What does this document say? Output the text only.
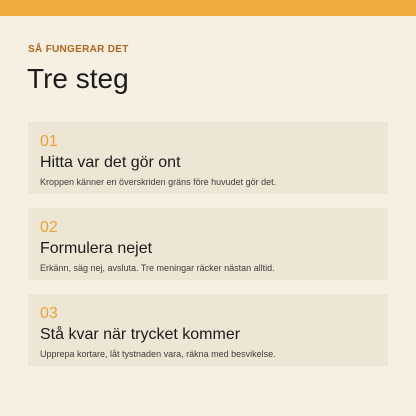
SÅ FUNGERAR DET
Tre steg
01
Hitta var det gör ont
Kroppen känner en överskriden gräns före huvudet gör det.
02
Formulera nejet
Erkänn, säg nej, avsluta. Tre meningar räcker nästan alltid.
03
Stå kvar när trycket kommer
Upprepa kortare, låt tystnaden vara, räkna med besvikelse.
